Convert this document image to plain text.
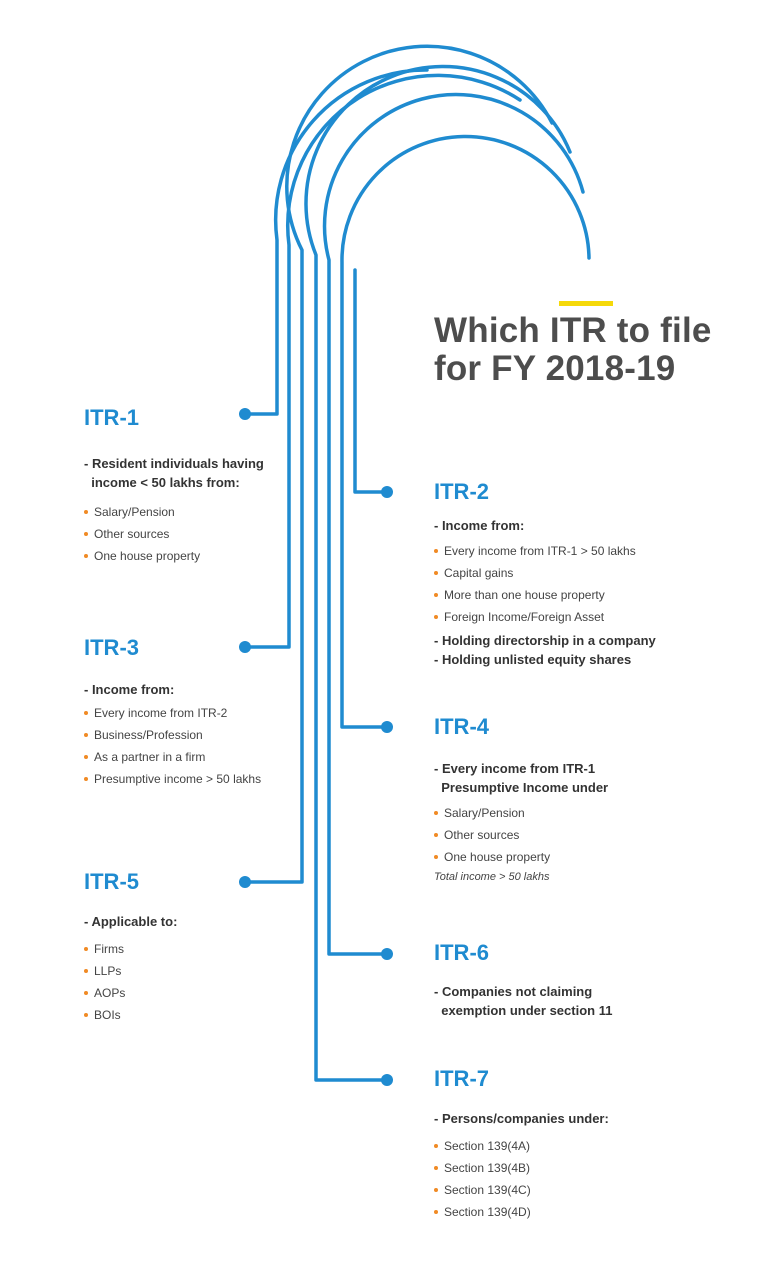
Which ITR to file
for FY 2018-19
ITR-1
- Resident individuals having
income < 50 lakhs from:
Salary/Pension
Other sources
One house property
ITR-3
- Income from:
Every income from ITR-2
Business/Profession
As a partner in a firm
Presumptive income > 50 lakhs
ITR-5
- Applicable to:
Firms
LLPs
AOPs
BOIs
ITR-2
- Income from:
Every income from ITR-1 > 50 lakhs
Capital gains
More than one house property
Foreign Income/Foreign Asset
- Holding directorship in a company
- Holding unlisted equity shares
ITR-4
- Every income from ITR-1
Presumptive Income under
Salary/Pension
Other sources
One house property
Total income > 50 lakhs
ITR-6
- Companies not claiming
exemption under section 11
ITR-7
- Persons/companies under:
Section 139(4A)
Section 139(4B)
Section 139(4C)
Section 139(4D)
